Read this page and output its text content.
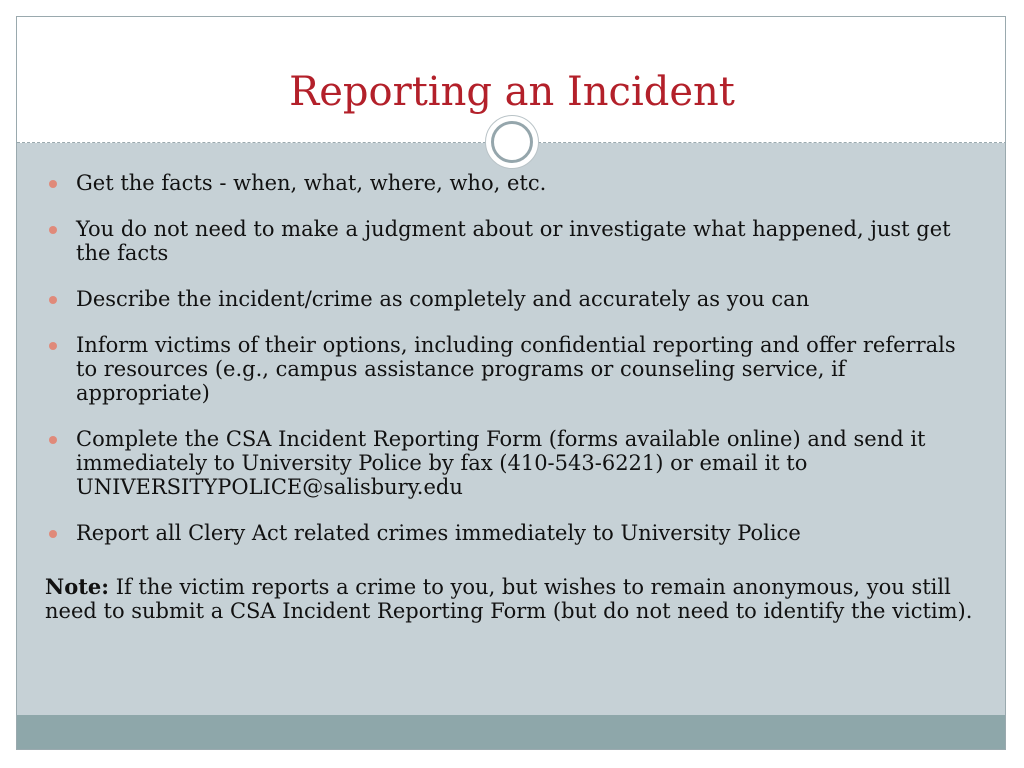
Reporting an Incident
Get the facts - when, what, where, who, etc.
You do not need to make a judgment about or investigate what happened, just get the facts
Describe the incident/crime as completely and accurately as you can
Inform victims of their options, including confidential reporting and offer referrals to resources (e.g., campus assistance programs or counseling service, if appropriate)
Complete the CSA Incident Reporting Form (forms available online) and send it immediately to University Police by fax (410-543-6221) or email it to UNIVERSITYPOLICE@salisbury.edu
Report all Clery Act related crimes immediately to University Police
Note: If the victim reports a crime to you, but wishes to remain anonymous, you still need to submit a CSA Incident Reporting Form (but do not need to identify the victim).
